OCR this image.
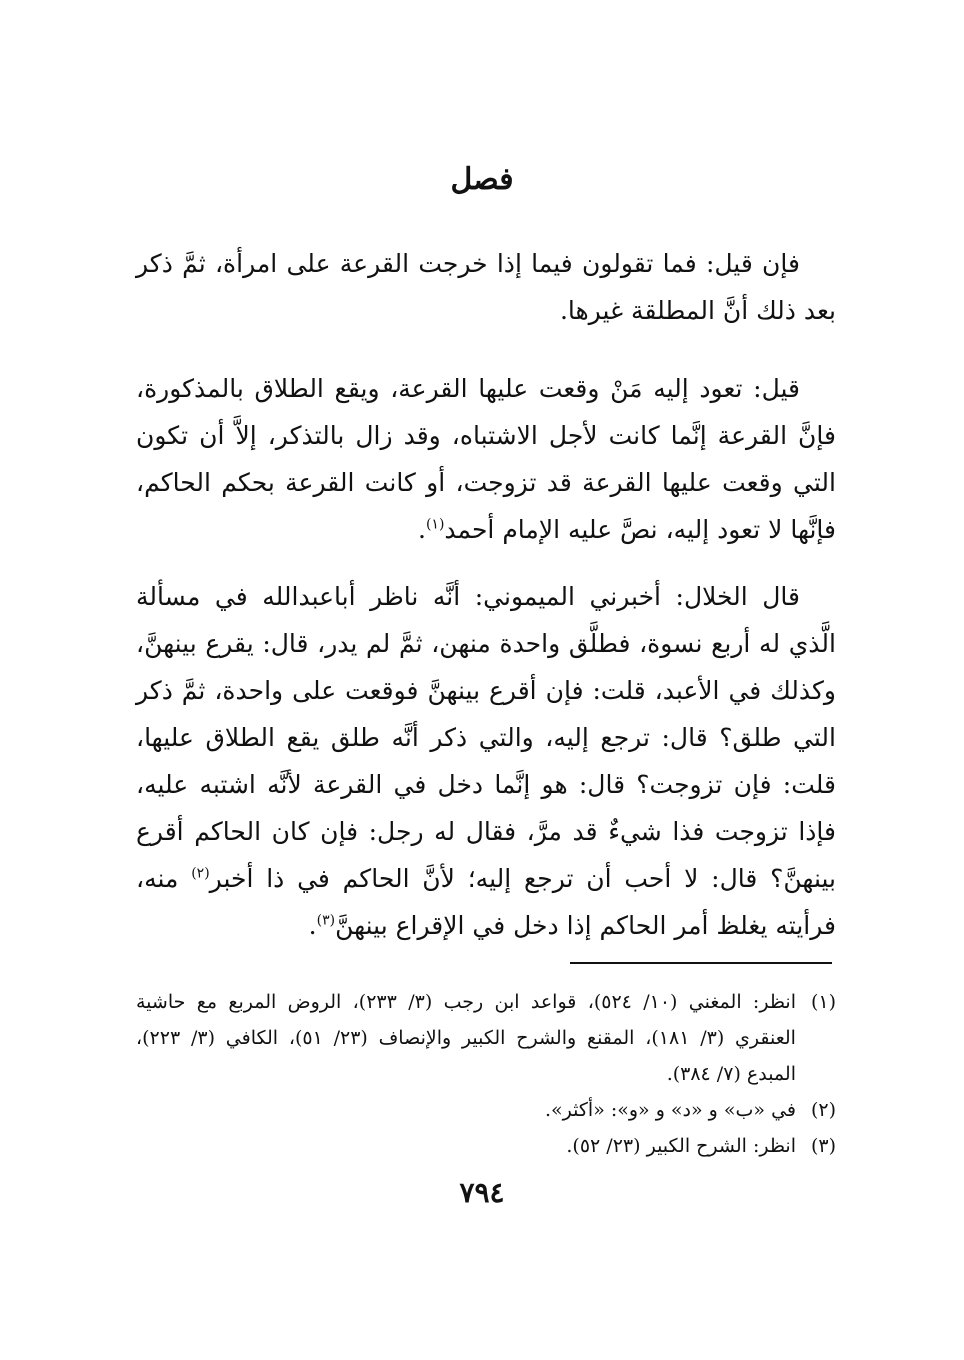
فصل
فإن قيل: فما تقولون فيما إذا خرجت القرعة على امرأة، ثمَّ ذكر بعد ذلك أنَّ المطلقة غيرها.
قيل: تعود إليه مَنْ وقعت عليها القرعة، ويقع الطلاق بالمذكورة، فإنَّ القرعة إنَّما كانت لأجل الاشتباه، وقد زال بالتذكر، إلاَّ أن تكون التي وقعت عليها القرعة قد تزوجت، أو كانت القرعة بحكم الحاكم، فإنَّها لا تعود إليه، نصَّ عليه الإمام أحمد$^{(١)}$.
قال الخلال: أخبرني الميموني: أنَّه ناظر أباعبدالله في مسألة الَّذي له أربع نسوة، فطلَّق واحدة منهن، ثمَّ لم يدر، قال: يقرع بينهنَّ، وكذلك في الأعبد، قلت: فإن أقرع بينهنَّ فوقعت على واحدة، ثمَّ ذكر التي طلق؟ قال: ترجع إليه، والتي ذكر أنَّه طلق يقع الطلاق عليها، قلت: فإن تزوجت؟ قال: هو إنَّما دخل في القرعة لأنَّه اشتبه عليه، فإذا تزوجت فذا شيءٌ قد مرَّ، فقال له رجل: فإن كان الحاكم أقرع بينهنَّ؟ قال: لا أحب أن ترجع إليه؛ لأنَّ الحاكم في ذا أخبر$^{(٢)}$ منه، فرأيته يغلظ أمر الحاكم إذا دخل في الإقراع بينهنَّ$^{(٣)}$.
(١)
انظر: المغني (١٠/ ٥٢٤)، قواعد ابن رجب (٣/ ٢٣٣)، الروض المربع مع حاشية العنقري (٣/ ١٨١)، المقنع والشرح الكبير والإنصاف (٢٣/ ٥١)، الكافي (٣/ ٢٢٣)، المبدع (٧/ ٣٨٤).
(٢)
في «ب» و «د» و «و»: «أكثر».
(٣)
انظر: الشرح الكبير (٢٣/ ٥٢).
٧٩٤
